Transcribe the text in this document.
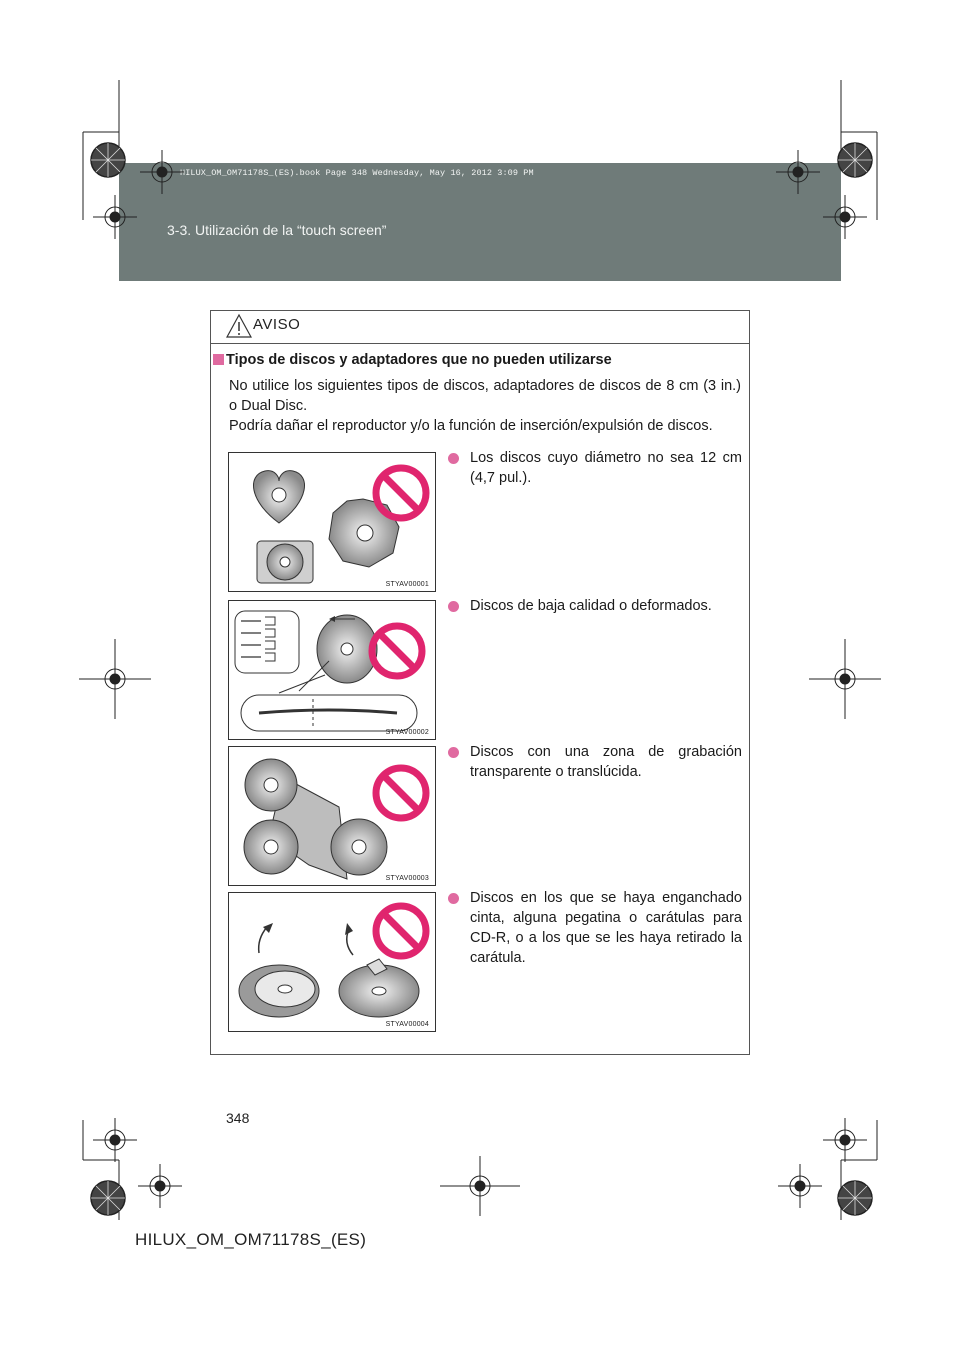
HILUX_OM_OM71178S_(ES).book Page 348 Wednesday, May 16, 2012 3:09 PM
3-3. Utilización de la “touch screen”
AVISO
Tipos de discos y adaptadores que no pueden utilizarse

No utilice los siguientes tipos de discos, adaptadores de discos de 8 cm (3 in.) o Dual Disc.

Podría dañar el reproductor y/o la función de inserción/expulsión de discos.

STYAV00001
STYAV00002
STYAV00003
STYAV00004
Los discos cuyo diámetro no sea 12 cm (4,7 pul.).
Discos de baja calidad o deformados.
Discos con una zona de grabación transparente o translúcida.
Discos en los que se haya enganchado cinta, alguna pegatina o carátulas para CD-R, o a los que se les haya retirado la carátula.
348
HILUX_OM_OM71178S_(ES)
